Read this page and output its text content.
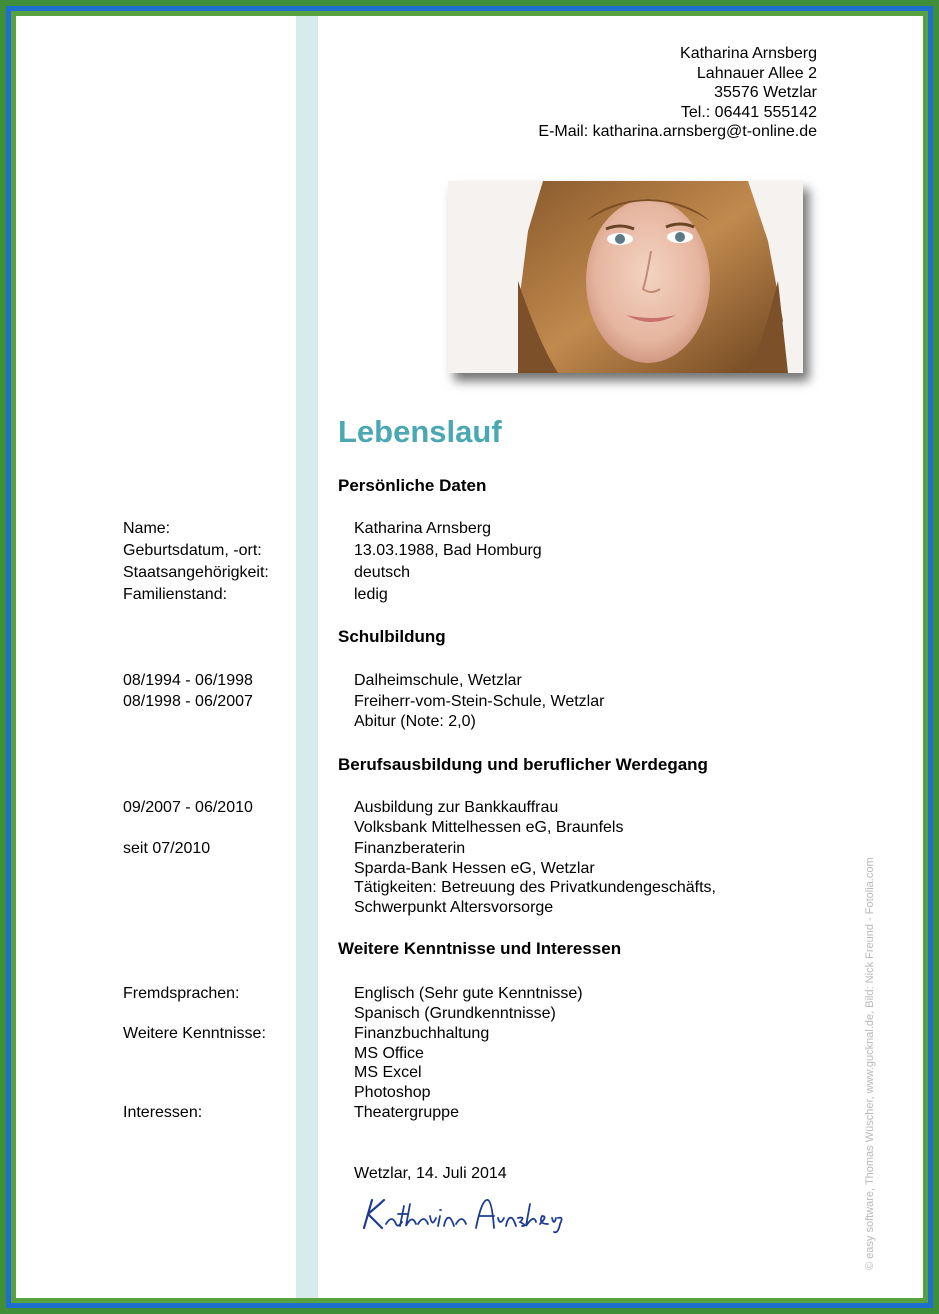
Katharina Arnsberg
Lahnauer Allee 2
35576 Wetzlar
Tel.: 06441 555142
E-Mail: katharina.arnsberg@t-online.de
Lebenslauf
Persönliche Daten
Name:	Katharina Arnsberg
Geburtsdatum, -ort:	13.03.1988, Bad Homburg
Staatsangehörigkeit:	deutsch
Familienstand:	ledig
Schulbildung
08/1994 - 06/1998	Dalheimschule, Wetzlar
08/1998 - 06/2007	Freiherr-vom-Stein-Schule, Wetzlar
Abitur (Note: 2,0)
Berufsausbildung und beruflicher Werdegang
09/2007 - 06/2010	Ausbildung zur Bankkauffrau
Volksbank Mittelhessen eG, Braunfels
seit 07/2010	Finanzberaterin
Sparda-Bank Hessen eG, Wetzlar
Tätigkeiten: Betreuung des Privatkundengeschäfts,
Schwerpunkt Altersvorsorge
Weitere Kenntnisse und Interessen
Fremdsprachen:	Englisch (Sehr gute Kenntnisse)
Spanisch (Grundkenntnisse)
Weitere Kenntnisse:	Finanzbuchhaltung
MS Office
MS Excel
Photoshop
Interessen:	Theatergruppe
Wetzlar, 14. Juli 2014	© easy software, Thomas Wüscher, www.gucknal.de, Bild: Nick Freund - Fotolia.com
